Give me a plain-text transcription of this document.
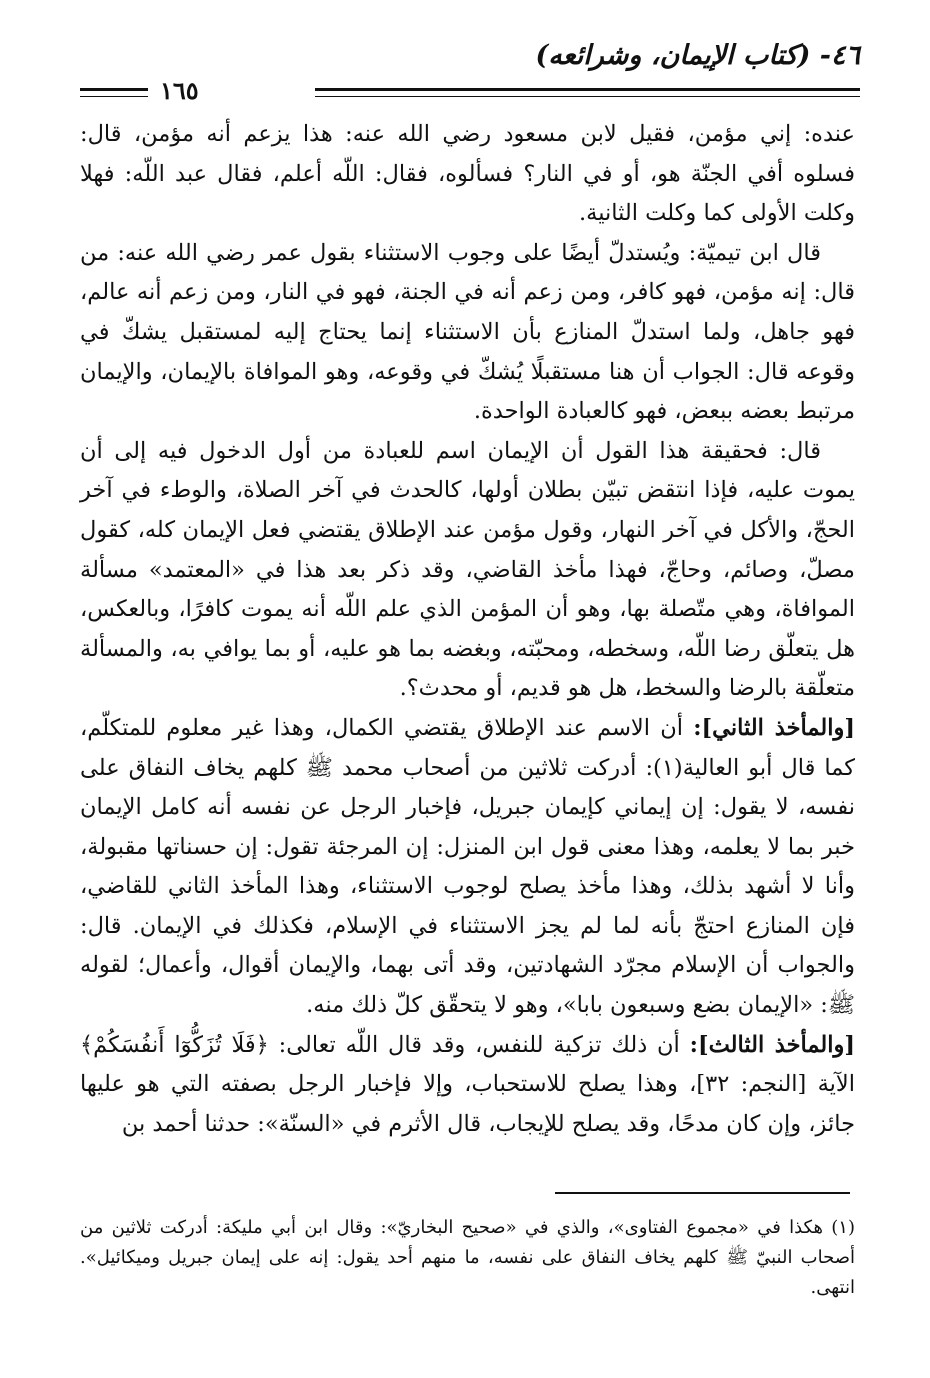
٤٦- (كتاب الإيمان، وشرائعه)
١٦٥

عنده: إني مؤمن، فقيل لابن مسعود رضي الله عنه: هذا يزعم أنه مؤمن، قال: فسلوه أفي الجنّة هو، أو في النار؟ فسألوه، فقال: اللّه أعلم، فقال عبد اللّه: فهلا وكلت الأولى كما وكلت الثانية.

قال ابن تيميّة: ويُستدلّ أيضًا على وجوب الاستثناء بقول عمر رضي الله عنه: من قال: إنه مؤمن، فهو كافر، ومن زعم أنه في الجنة، فهو في النار، ومن زعم أنه عالم، فهو جاهل، ولما استدلّ المنازع بأن الاستثناء إنما يحتاج إليه لمستقبل يشكّ في وقوعه قال: الجواب أن هنا مستقبلًا يُشكّ في وقوعه، وهو الموافاة بالإيمان، والإيمان مرتبط بعضه ببعض، فهو كالعبادة الواحدة.

قال: فحقيقة هذا القول أن الإيمان اسم للعبادة من أول الدخول فيه إلى أن يموت عليه، فإذا انتقض تبيّن بطلان أولها، كالحدث في آخر الصلاة، والوطء في آخر الحجّ، والأكل في آخر النهار، وقول مؤمن عند الإطلاق يقتضي فعل الإيمان كله، كقول مصلّ، وصائم، وحاجّ، فهذا مأخذ القاضي، وقد ذكر بعد هذا في «المعتمد» مسألة الموافاة، وهي متّصلة بها، وهو أن المؤمن الذي علم اللّه أنه يموت كافرًا، وبالعكس، هل يتعلّق رضا اللّه، وسخطه، ومحبّته، وبغضه بما هو عليه، أو بما يوافي به، والمسألة متعلّقة بالرضا والسخط، هل هو قديم، أو محدث؟.

[والمأخذ الثاني]: أن الاسم عند الإطلاق يقتضي الكمال، وهذا غير معلوم للمتكلّم، كما قال أبو العالية(١): أدركت ثلاثين من أصحاب محمد ﷺ كلهم يخاف النفاق على نفسه، لا يقول: إن إيماني كإيمان جبريل، فإخبار الرجل عن نفسه أنه كامل الإيمان خبر بما لا يعلمه، وهذا معنى قول ابن المنزل: إن المرجئة تقول: إن حسناتها مقبولة، وأنا لا أشهد بذلك، وهذا مأخذ يصلح لوجوب الاستثناء، وهذا المأخذ الثاني للقاضي، فإن المنازع احتجّ بأنه لما لم يجز الاستثناء في الإسلام، فكذلك في الإيمان. قال: والجواب أن الإسلام مجرّد الشهادتين، وقد أتى بهما، والإيمان أقوال، وأعمال؛ لقوله ﷺ: «الإيمان بضع وسبعون بابا»، وهو لا يتحقّق كلّ ذلك منه.

[والمأخذ الثالث]: أن ذلك تزكية للنفس، وقد قال اللّه تعالى: ﴿فَلَا تُزَكُّوٓا أَنفُسَكُمْ﴾ الآية [النجم: ٣٢]، وهذا يصلح للاستحباب، وإلا فإخبار الرجل بصفته التي هو عليها جائز، وإن كان مدحًا، وقد يصلح للإيجاب، قال الأثرم في «السنّة»: حدثنا أحمد بن

(١) هكذا في «مجموع الفتاوى»، والذي في «صحيح البخاريّ»: وقال ابن أبي مليكة: أدركت ثلاثين من أصحاب النبيّ ﷺ كلهم يخاف النفاق على نفسه، ما منهم أحد يقول: إنه على إيمان جبريل وميكائيل». انتهى.
